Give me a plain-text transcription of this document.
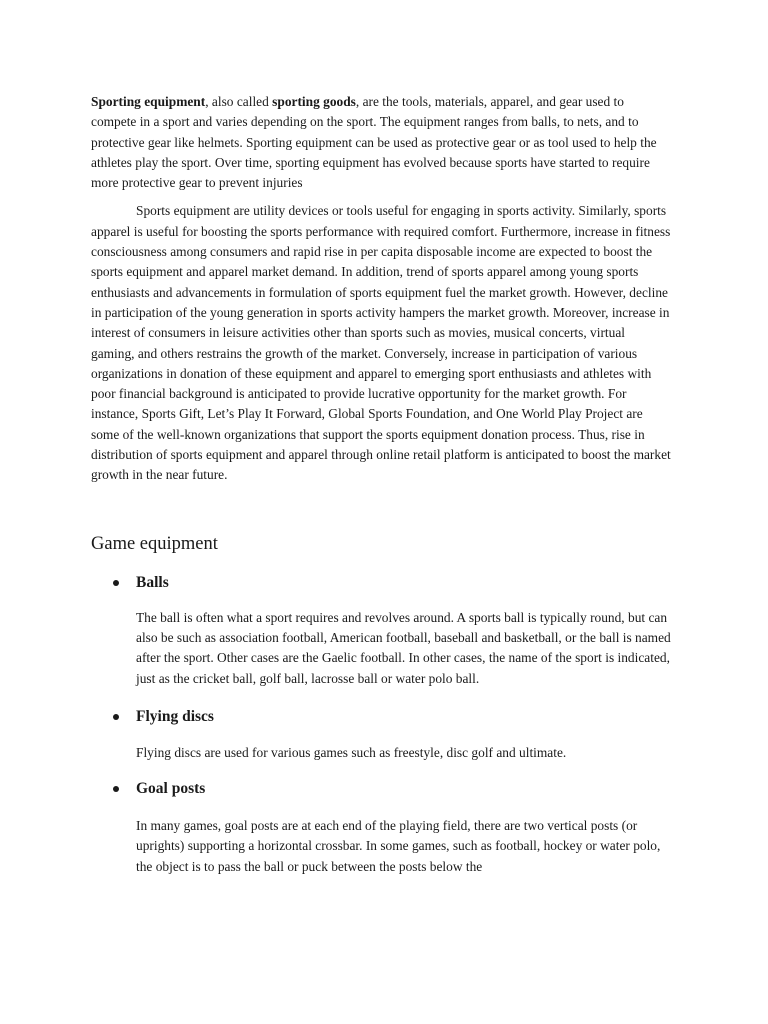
Sporting equipment, also called sporting goods, are the tools, materials, apparel, and gear used to compete in a sport and varies depending on the sport. The equipment ranges from balls, to nets, and to protective gear like helmets. Sporting equipment can be used as protective gear or as tool used to help the athletes play the sport. Over time, sporting equipment has evolved because sports have started to require more protective gear to prevent injuries

Sports equipment are utility devices or tools useful for engaging in sports activity. Similarly, sports apparel is useful for boosting the sports performance with required comfort. Furthermore, increase in fitness consciousness among consumers and rapid rise in per capita disposable income are expected to boost the sports equipment and apparel market demand. In addition, trend of sports apparel among young sports enthusiasts and advancements in formulation of sports equipment fuel the market growth. However, decline in participation of the young generation in sports activity hampers the market growth. Moreover, increase in interest of consumers in leisure activities other than sports such as movies, musical concerts, virtual gaming, and others restrains the growth of the market. Conversely, increase in participation of various organizations in donation of these equipment and apparel to emerging sport enthusiasts and athletes with poor financial background is anticipated to provide lucrative opportunity for the market growth. For instance, Sports Gift, Let’s Play It Forward, Global Sports Foundation, and One World Play Project are some of the well-known organizations that support the sports equipment donation process. Thus, rise in distribution of sports equipment and apparel through online retail platform is anticipated to boost the market growth in the near future.

Game equipment
Balls

The ball is often what a sport requires and revolves around. A sports ball is typically round, but can also be such as association football, American football, baseball and basketball, or the ball is named after the sport. Other cases are the Gaelic football. In other cases, the name of the sport is indicated, just as the cricket ball, golf ball, lacrosse ball or water polo ball.

Flying discs

Flying discs are used for various games such as freestyle, disc golf and ultimate.

Goal posts

In many games, goal posts are at each end of the playing field, there are two vertical posts (or uprights) supporting a horizontal crossbar. In some games, such as football, hockey or water polo, the object is to pass the ball or puck between the posts below the
